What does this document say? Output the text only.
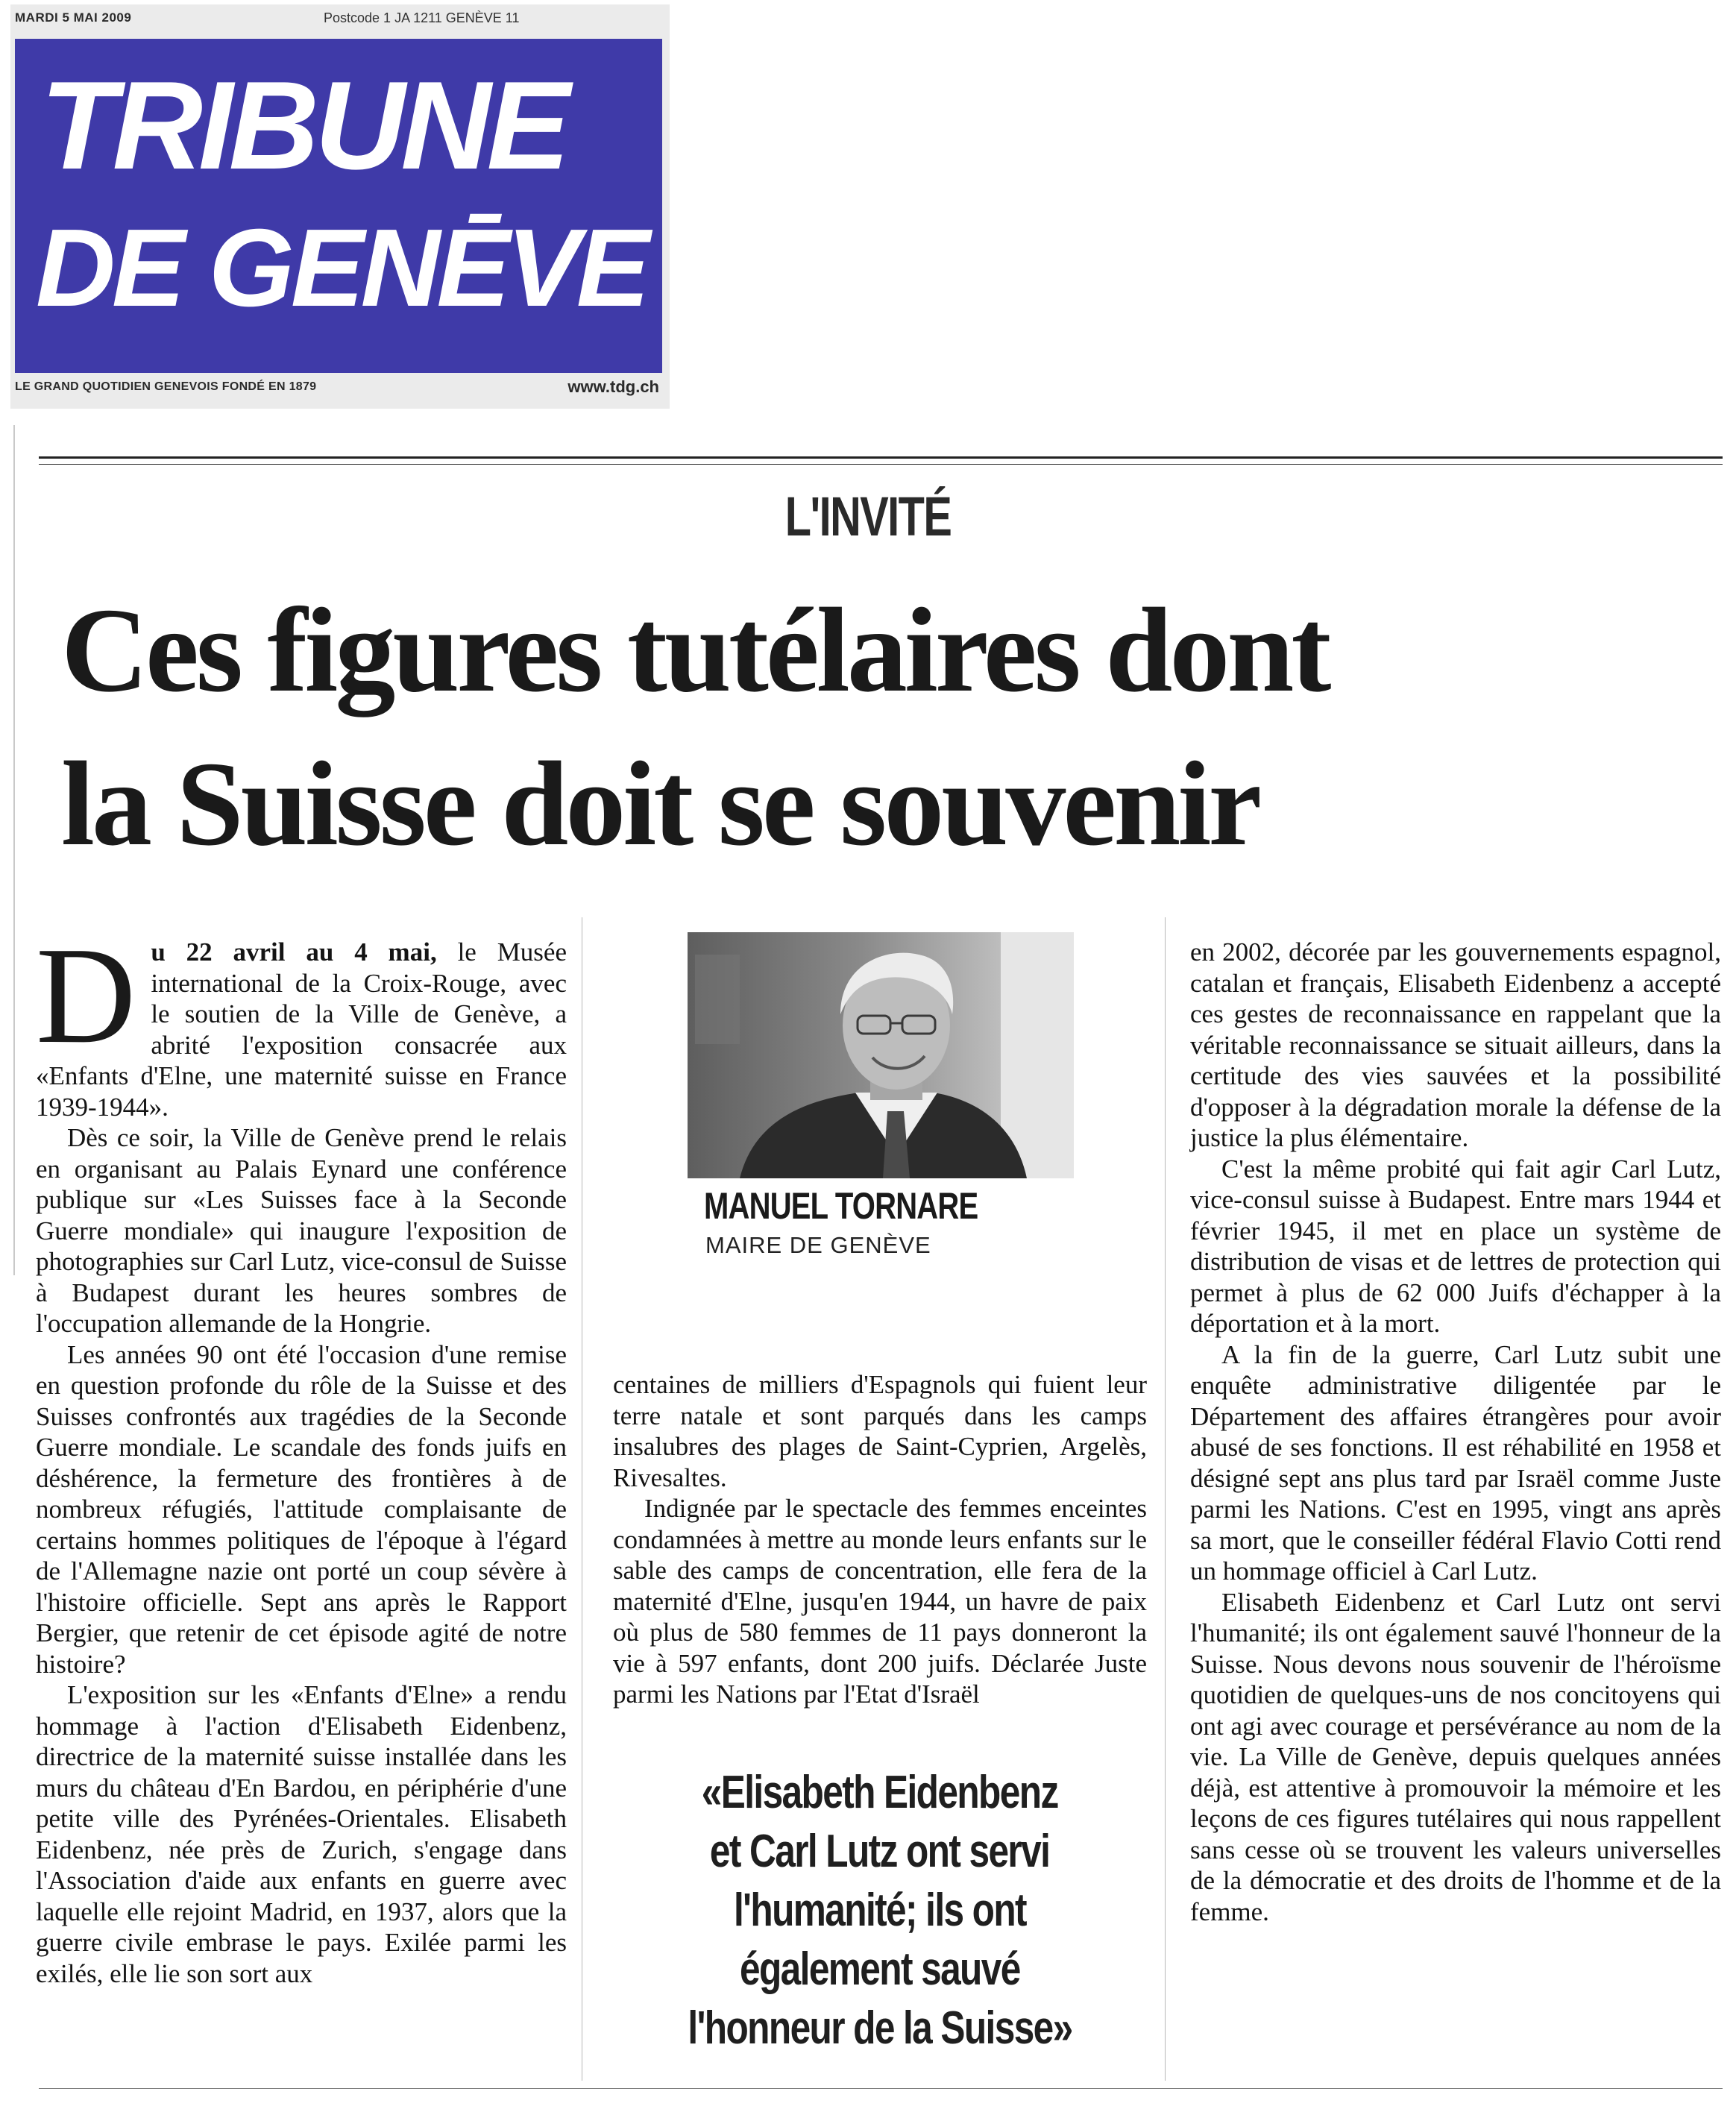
MARDI 5 MAI 2009	Postcode 1 JA 1211 GENÈVE 11
TRIBUNE
DE GENĒVE
LE GRAND QUOTIDIEN GENEVOIS FONDÉ EN 1879	www.tdg.ch
L'INVITÉ
Ces figures tutélaires dont
la Suisse doit se souvenir

Du 22 avril au 4 mai, le Musée international de la Croix-Rouge, avec le soutien de la Ville de Genève, a abrité l'exposition consacrée aux «Enfants d'Elne, une maternité suisse en France 1939-1944».

Dès ce soir, la Ville de Genève prend le relais en organisant au Palais Eynard une conférence publique sur «Les Suisses face à la Seconde Guerre mondiale» qui inaugure l'exposition de photographies sur Carl Lutz, vice-consul de Suisse à Budapest durant les heures sombres de l'occupation allemande de la Hongrie.

Les années 90 ont été l'occasion d'une remise en question profonde du rôle de la Suisse et des Suisses confrontés aux tragédies de la Seconde Guerre mondiale. Le scandale des fonds juifs en déshérence, la fermeture des frontières à de nombreux réfugiés, l'attitude complaisante de certains hommes politiques de l'époque à l'égard de l'Allemagne nazie ont porté un coup sévère à l'histoire officielle. Sept ans après le Rapport Bergier, que retenir de cet épisode agité de notre histoire?

L'exposition sur les «Enfants d'Elne» a rendu hommage à l'action d'Elisabeth Eidenbenz, directrice de la maternité suisse installée dans les murs du château d'En Bardou, en périphérie d'une petite ville des Pyrénées-Orientales. Elisabeth Eidenbenz, née près de Zurich, s'engage dans l'Association d'aide aux enfants en guerre avec laquelle elle rejoint Madrid, en 1937, alors que la guerre civile embrase le pays. Exilée parmi les exilés, elle lie son sort aux

MANUEL TORNARE
MAIRE DE GENÈVE

centaines de milliers d'Espagnols qui fuient leur terre natale et sont parqués dans les camps insalubres des plages de Saint-Cyprien, Argelès, Rivesaltes.

Indignée par le spectacle des femmes enceintes condamnées à mettre au monde leurs enfants sur le sable des camps de concentration, elle fera de la maternité d'Elne, jusqu'en 1944, un havre de paix où plus de 580 femmes de 11 pays donneront la vie à 597 enfants, dont 200 juifs. Déclarée Juste parmi les Nations par l'Etat d'Israël

«Elisabeth Eidenbenz
et Carl Lutz ont servi
l'humanité; ils ont
également sauvé
l'honneur de la Suisse»

en 2002, décorée par les gouvernements espagnol, catalan et français, Elisabeth Eidenbenz a accepté ces gestes de reconnaissance en rappelant que la véritable reconnaissance se situait ailleurs, dans la certitude des vies sauvées et la possibilité d'opposer à la dégradation morale la défense de la justice la plus élémentaire.

C'est la même probité qui fait agir Carl Lutz, vice-consul suisse à Budapest. Entre mars 1944 et février 1945, il met en place un système de distribution de visas et de lettres de protection qui permet à plus de 62 000 Juifs d'échapper à la déportation et à la mort.

A la fin de la guerre, Carl Lutz subit une enquête administrative diligentée par le Département des affaires étrangères pour avoir abusé de ses fonctions. Il est réhabilité en 1958 et désigné sept ans plus tard par Israël comme Juste parmi les Nations. C'est en 1995, vingt ans après sa mort, que le conseiller fédéral Flavio Cotti rend un hommage officiel à Carl Lutz.

Elisabeth Eidenbenz et Carl Lutz ont servi l'humanité; ils ont également sauvé l'honneur de la Suisse. Nous devons nous souvenir de l'héroïsme quotidien de quelques-uns de nos concitoyens qui ont agi avec courage et persévérance au nom de la vie. La Ville de Genève, depuis quelques années déjà, est attentive à promouvoir la mémoire et les leçons de ces figures tutélaires qui nous rappellent sans cesse où se trouvent les valeurs universelles de la démocratie et des droits de l'homme et de la femme.
